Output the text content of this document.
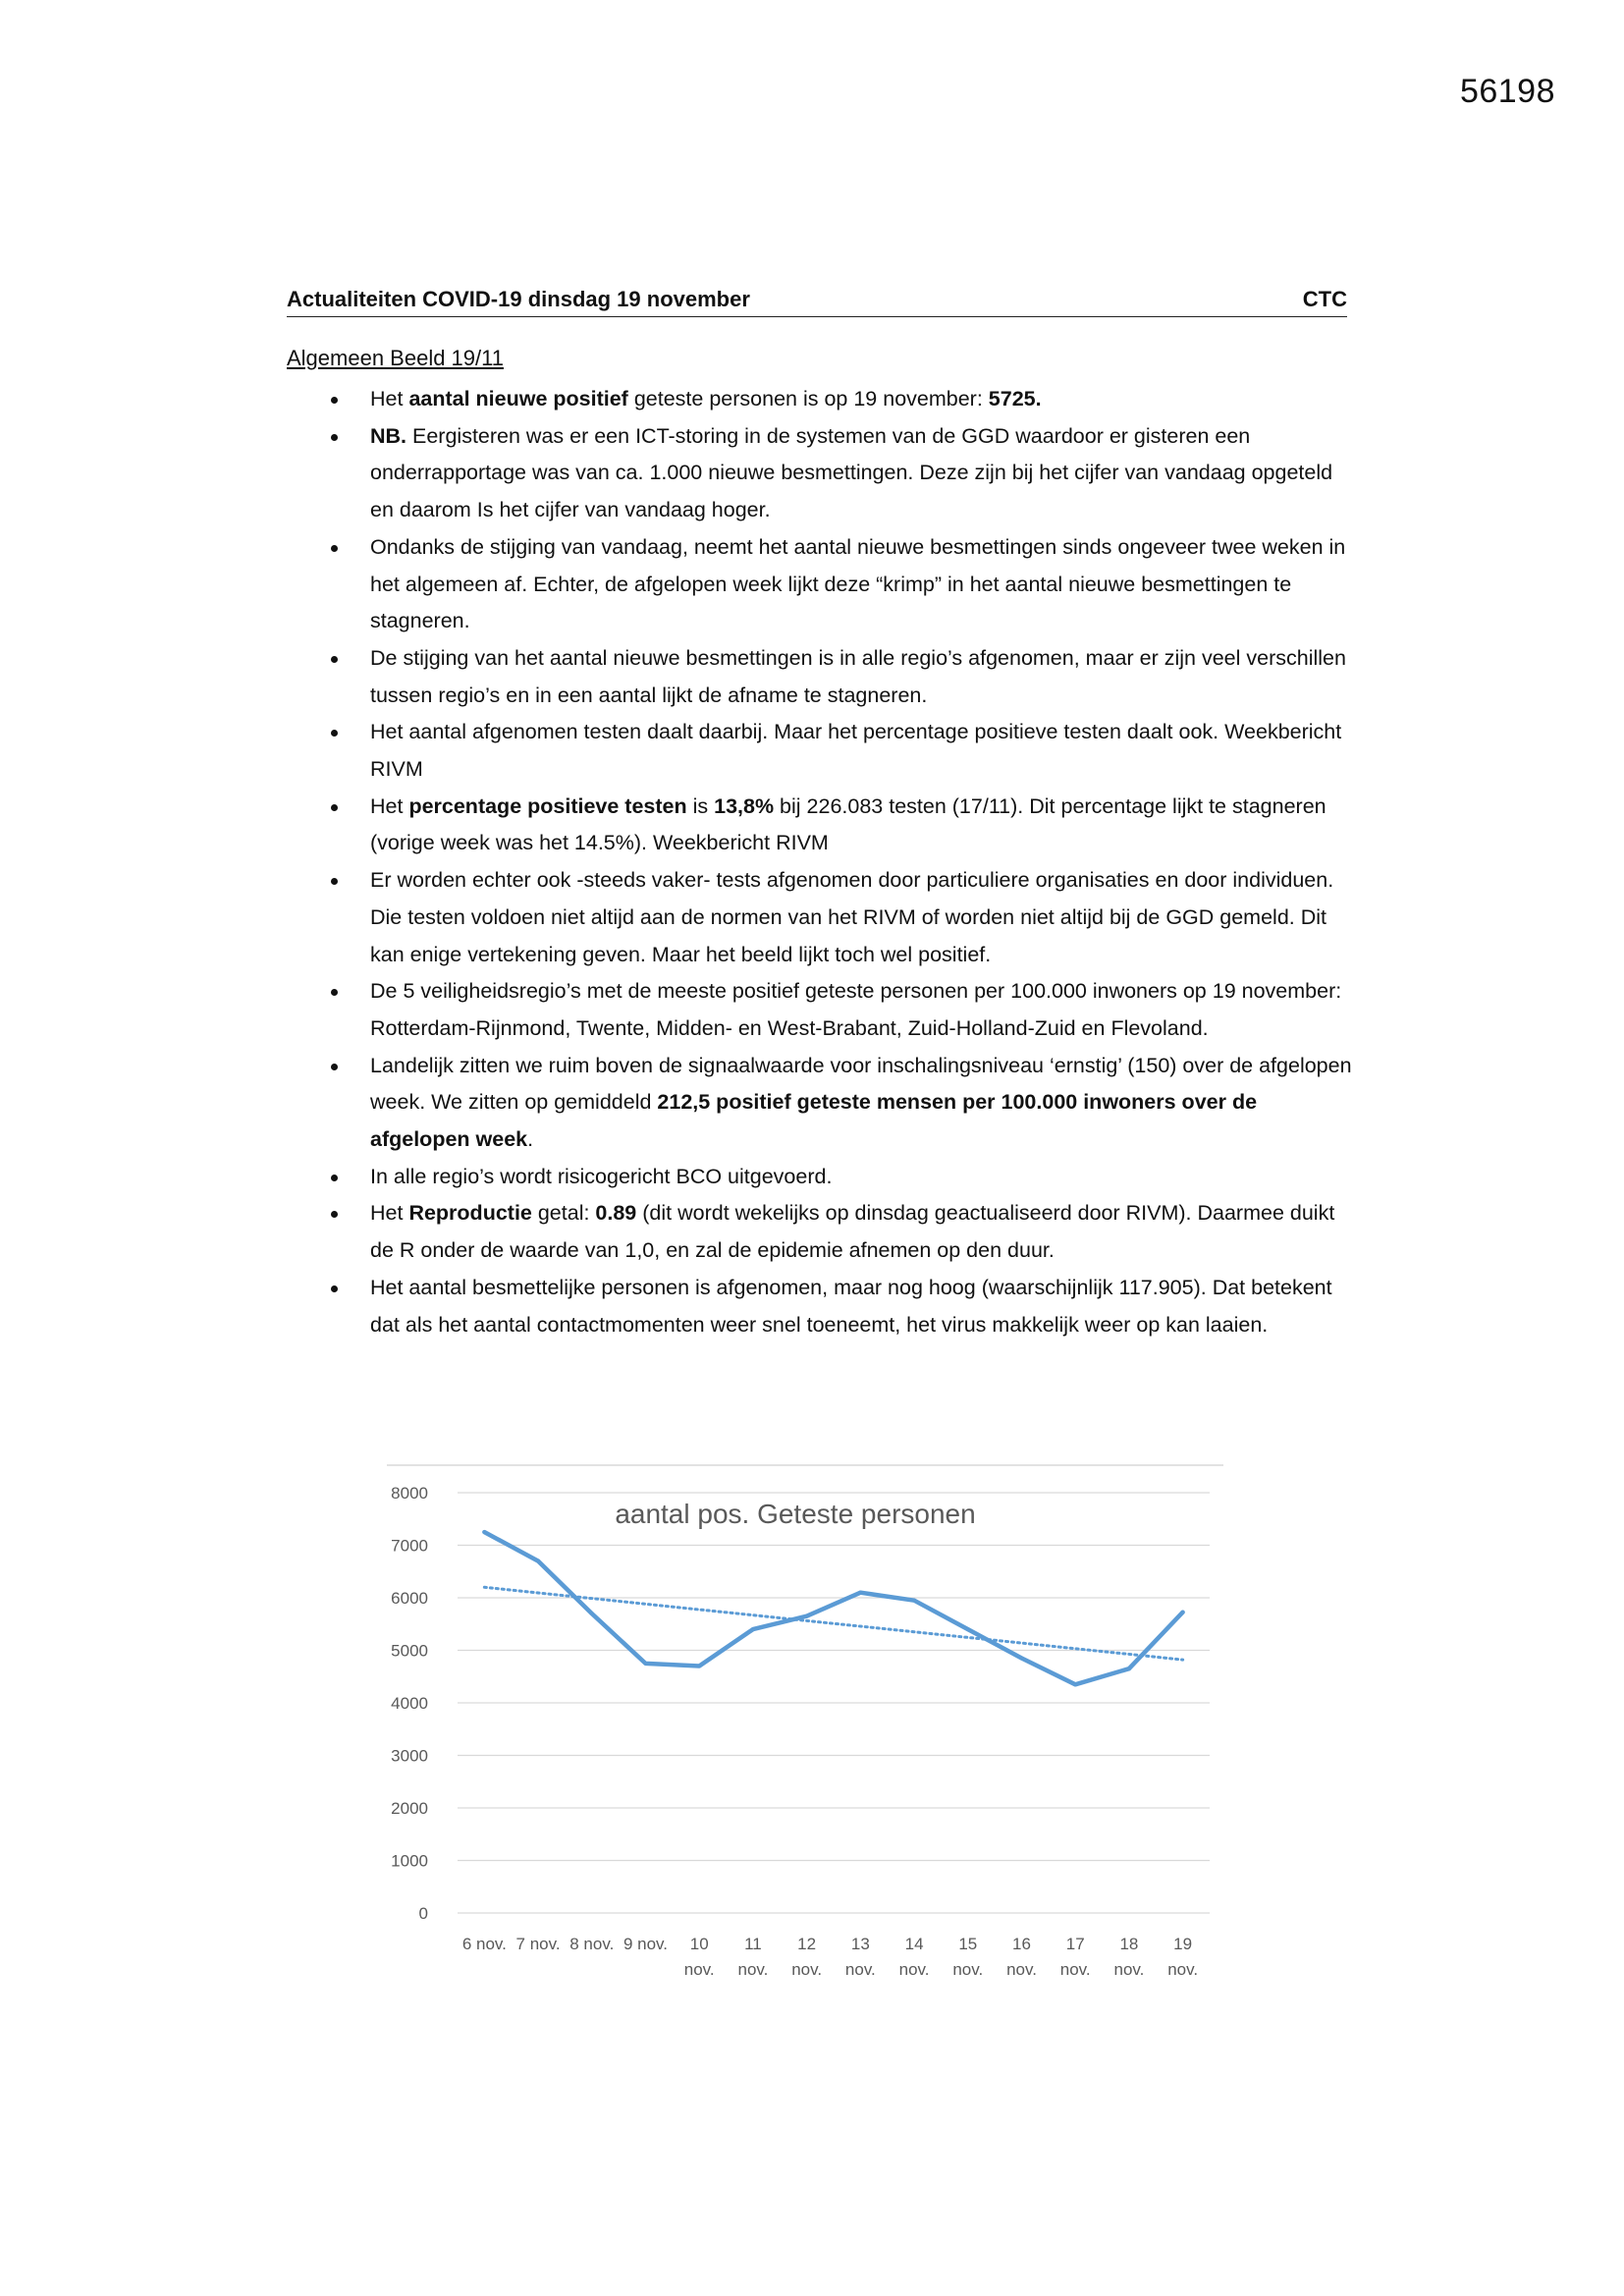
56198
Actualiteiten COVID-19 dinsdag 19 november	CTC
Algemeen Beeld 19/11
Het aantal nieuwe positief geteste personen is op 19 november: 5725.
NB. Eergisteren was er een ICT-storing in de systemen van de GGD waardoor er gisteren een onderrapportage was van ca. 1.000 nieuwe besmettingen. Deze zijn bij het cijfer van vandaag opgeteld en daarom Is het cijfer van vandaag hoger.
Ondanks de stijging van vandaag, neemt het aantal nieuwe besmettingen sinds ongeveer twee weken in het algemeen af. Echter, de afgelopen week lijkt deze “krimp” in het aantal nieuwe besmettingen te stagneren.
De stijging van het aantal nieuwe besmettingen is in alle regio’s afgenomen, maar er zijn veel verschillen tussen regio’s en in een aantal lijkt de afname te stagneren.
Het aantal afgenomen testen daalt daarbij. Maar het percentage positieve testen daalt ook. Weekbericht RIVM
Het percentage positieve testen is 13,8% bij 226.083 testen (17/11). Dit percentage lijkt te stagneren (vorige week was het 14.5%). Weekbericht RIVM
Er worden echter ook -steeds vaker- tests afgenomen door particuliere organisaties en door individuen. Die testen voldoen niet altijd aan de normen van het RIVM of worden niet altijd bij de GGD gemeld. Dit kan enige vertekening geven. Maar het beeld lijkt toch wel positief.
De 5 veiligheidsregio’s met de meeste positief geteste personen per 100.000 inwoners op 19 november: Rotterdam-Rijnmond, Twente, Midden- en West-Brabant, Zuid-Holland-Zuid en Flevoland.
Landelijk zitten we ruim boven de signaalwaarde voor inschalingsniveau ‘ernstig’ (150) over de afgelopen week. We zitten op gemiddeld 212,5 positief geteste mensen per 100.000 inwoners over de afgelopen week.
In alle regio’s wordt risicogericht BCO uitgevoerd.
Het Reproductie getal: 0.89 (dit wordt wekelijks op dinsdag geactualiseerd door RIVM). Daarmee duikt de R onder de waarde van 1,0, en zal de epidemie afnemen op den duur.
Het aantal besmettelijke personen is afgenomen, maar nog hoog (waarschijnlijk 117.905). Dat betekent dat als het aantal contactmomenten weer snel toeneemt, het virus makkelijk weer op kan laaien.
0
1000
2000
3000
4000
5000
6000
7000
8000
aantal pos. Geteste personen
6 nov. 7 nov. 8 nov. 9 nov. 10
nov.
11
nov.
12
nov.
13
nov.
14
nov.
15
nov.
16
nov.
17
nov.
18
nov.
19
nov.
